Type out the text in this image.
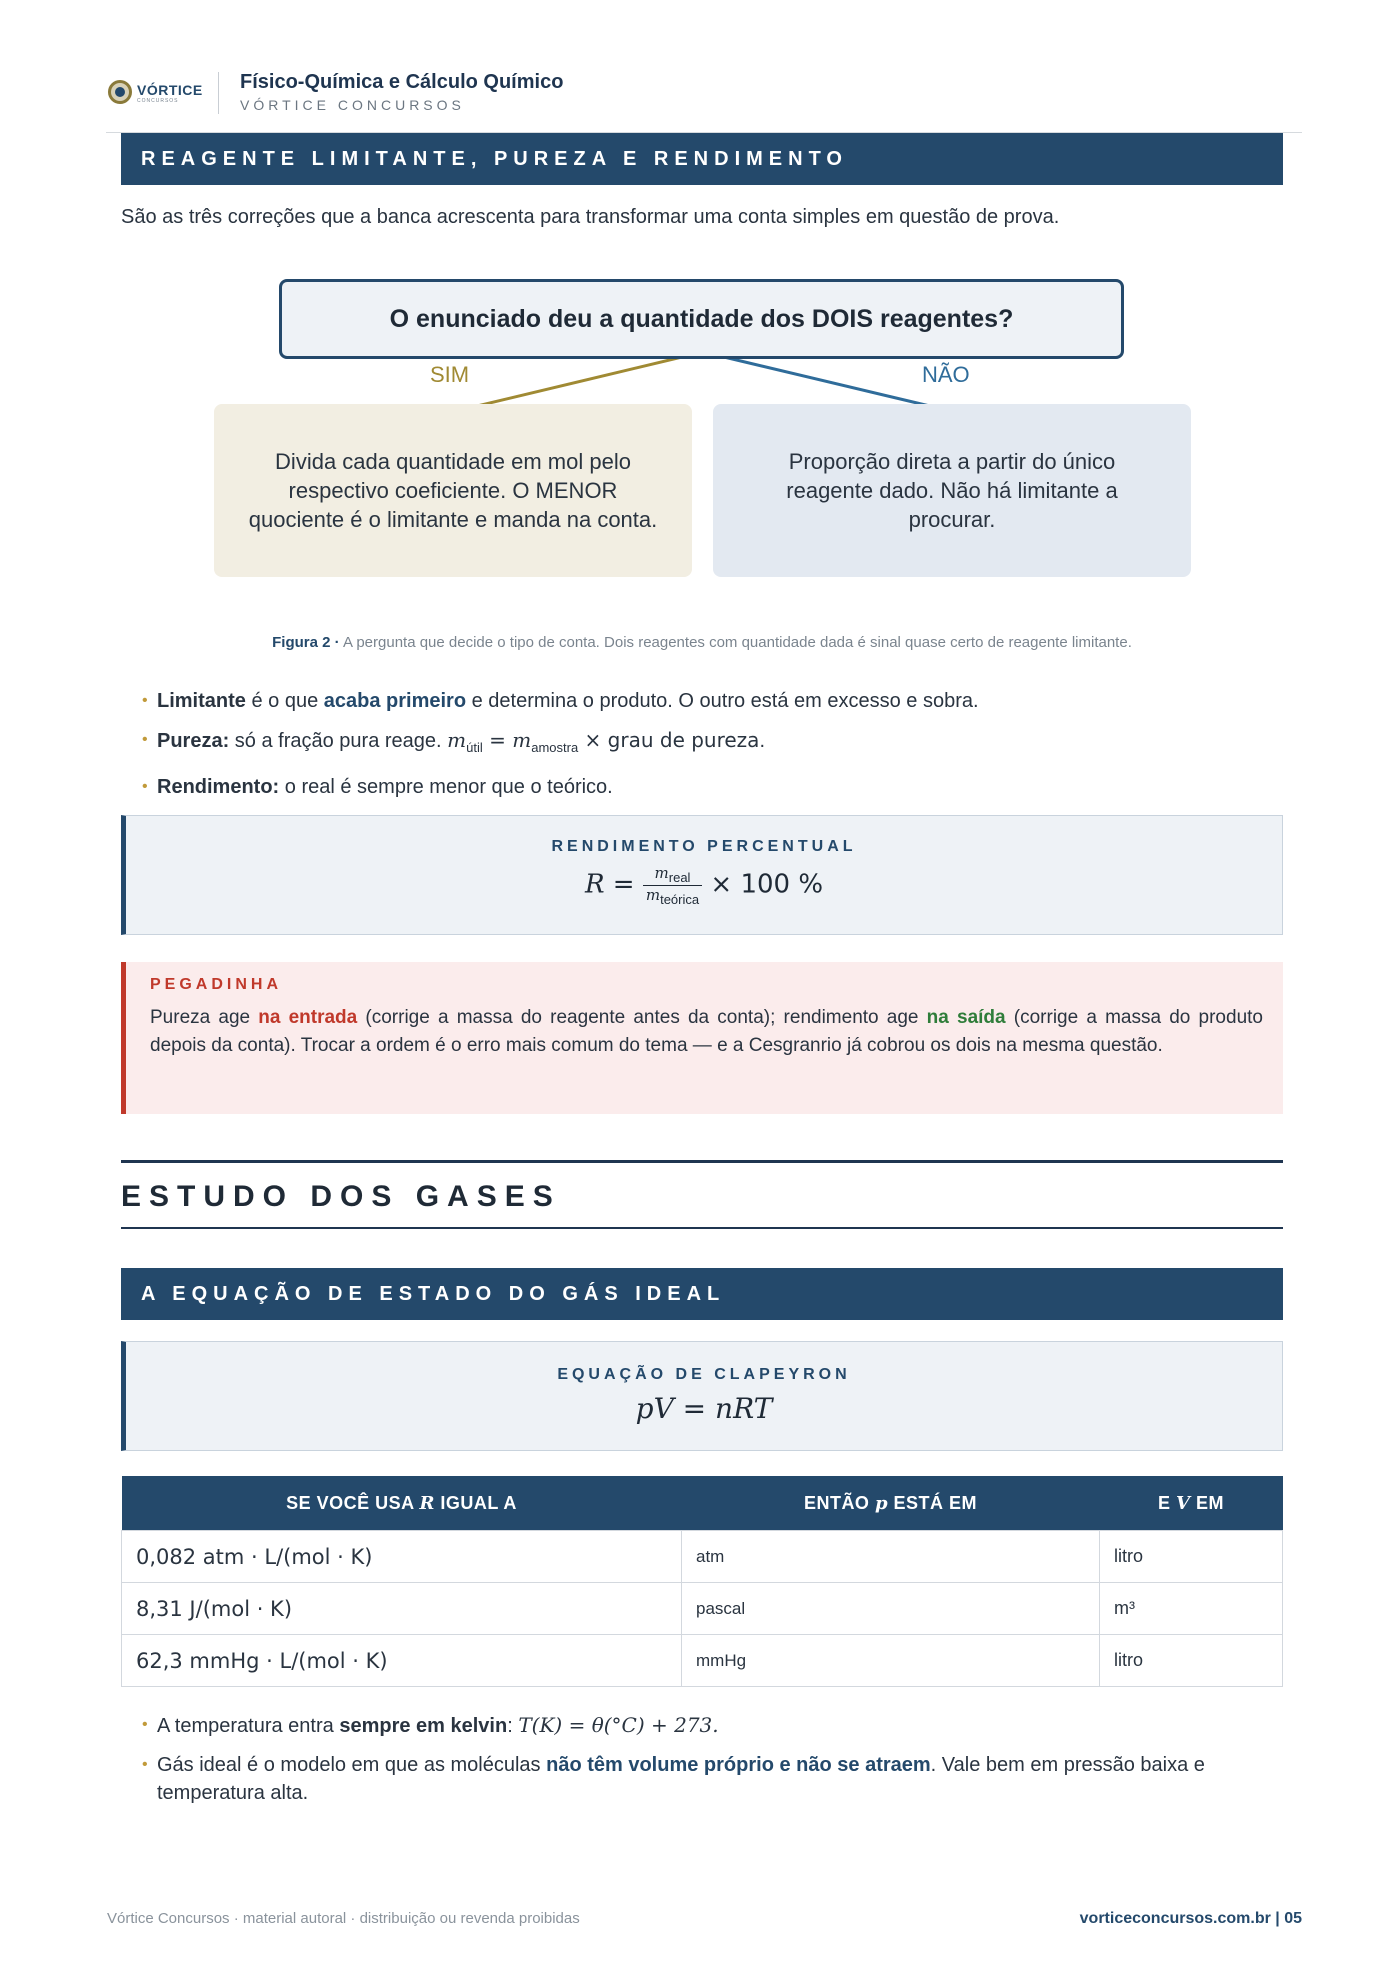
VÓRTICE
CONCURSOS
Físico-Química e Cálculo Químico
VÓRTICE CONCURSOS
REAGENTE LIMITANTE, PUREZA E RENDIMENTO
São as três correções que a banca acrescenta para transformar uma conta simples em questão de prova.
O enunciado deu a quantidade dos DOIS reagentes?
SIM	NÃO
Divida cada quantidade em mol pelo respectivo coeficiente. O MENOR quociente é o limitante e manda na conta.
Proporção direta a partir do único reagente dado. Não há limitante a procurar.
Figura 2 · A pergunta que decide o tipo de conta. Dois reagentes com quantidade dada é sinal quase certo de reagente limitante.
• Limitante é o que acaba primeiro e determina o produto. O outro está em excesso e sobra.
• Pureza: só a fração pura reage. $m_{útil} = m_{amostra}$ × grau de pureza.
• Rendimento: o real é sempre menor que o teórico.
RENDIMENTO PERCENTUAL
$R = \frac{m_{real}}{m_{teórica}} \times 100$ %
PEGADINHA
Pureza age na entrada (corrige a massa do reagente antes da conta); rendimento age na saída (corrige a massa do produto depois da conta). Trocar a ordem é o erro mais comum do tema — e a Cesgranrio já cobrou os dois na mesma questão.
ESTUDO DOS GASES
A EQUAÇÃO DE ESTADO DO GÁS IDEAL
EQUAÇÃO DE CLAPEYRON
pV = nRT
SE VOCÊ USA R IGUAL A	ENTÃO p ESTÁ EM	E V EM
0,082 atm · L/(mol · K)	atm	litro
8,31 J/(mol · K)	pascal	m³
62,3 mmHg · L/(mol · K)	mmHg	litro
• A temperatura entra sempre em kelvin: T(K) = θ(°C) + 273.
• Gás ideal é o modelo em que as moléculas não têm volume próprio e não se atraem. Vale bem em pressão baixa e temperatura alta.
Vórtice Concursos · material autoral · distribuição ou revenda proibidas	vorticeconcursos.com.br | 05
